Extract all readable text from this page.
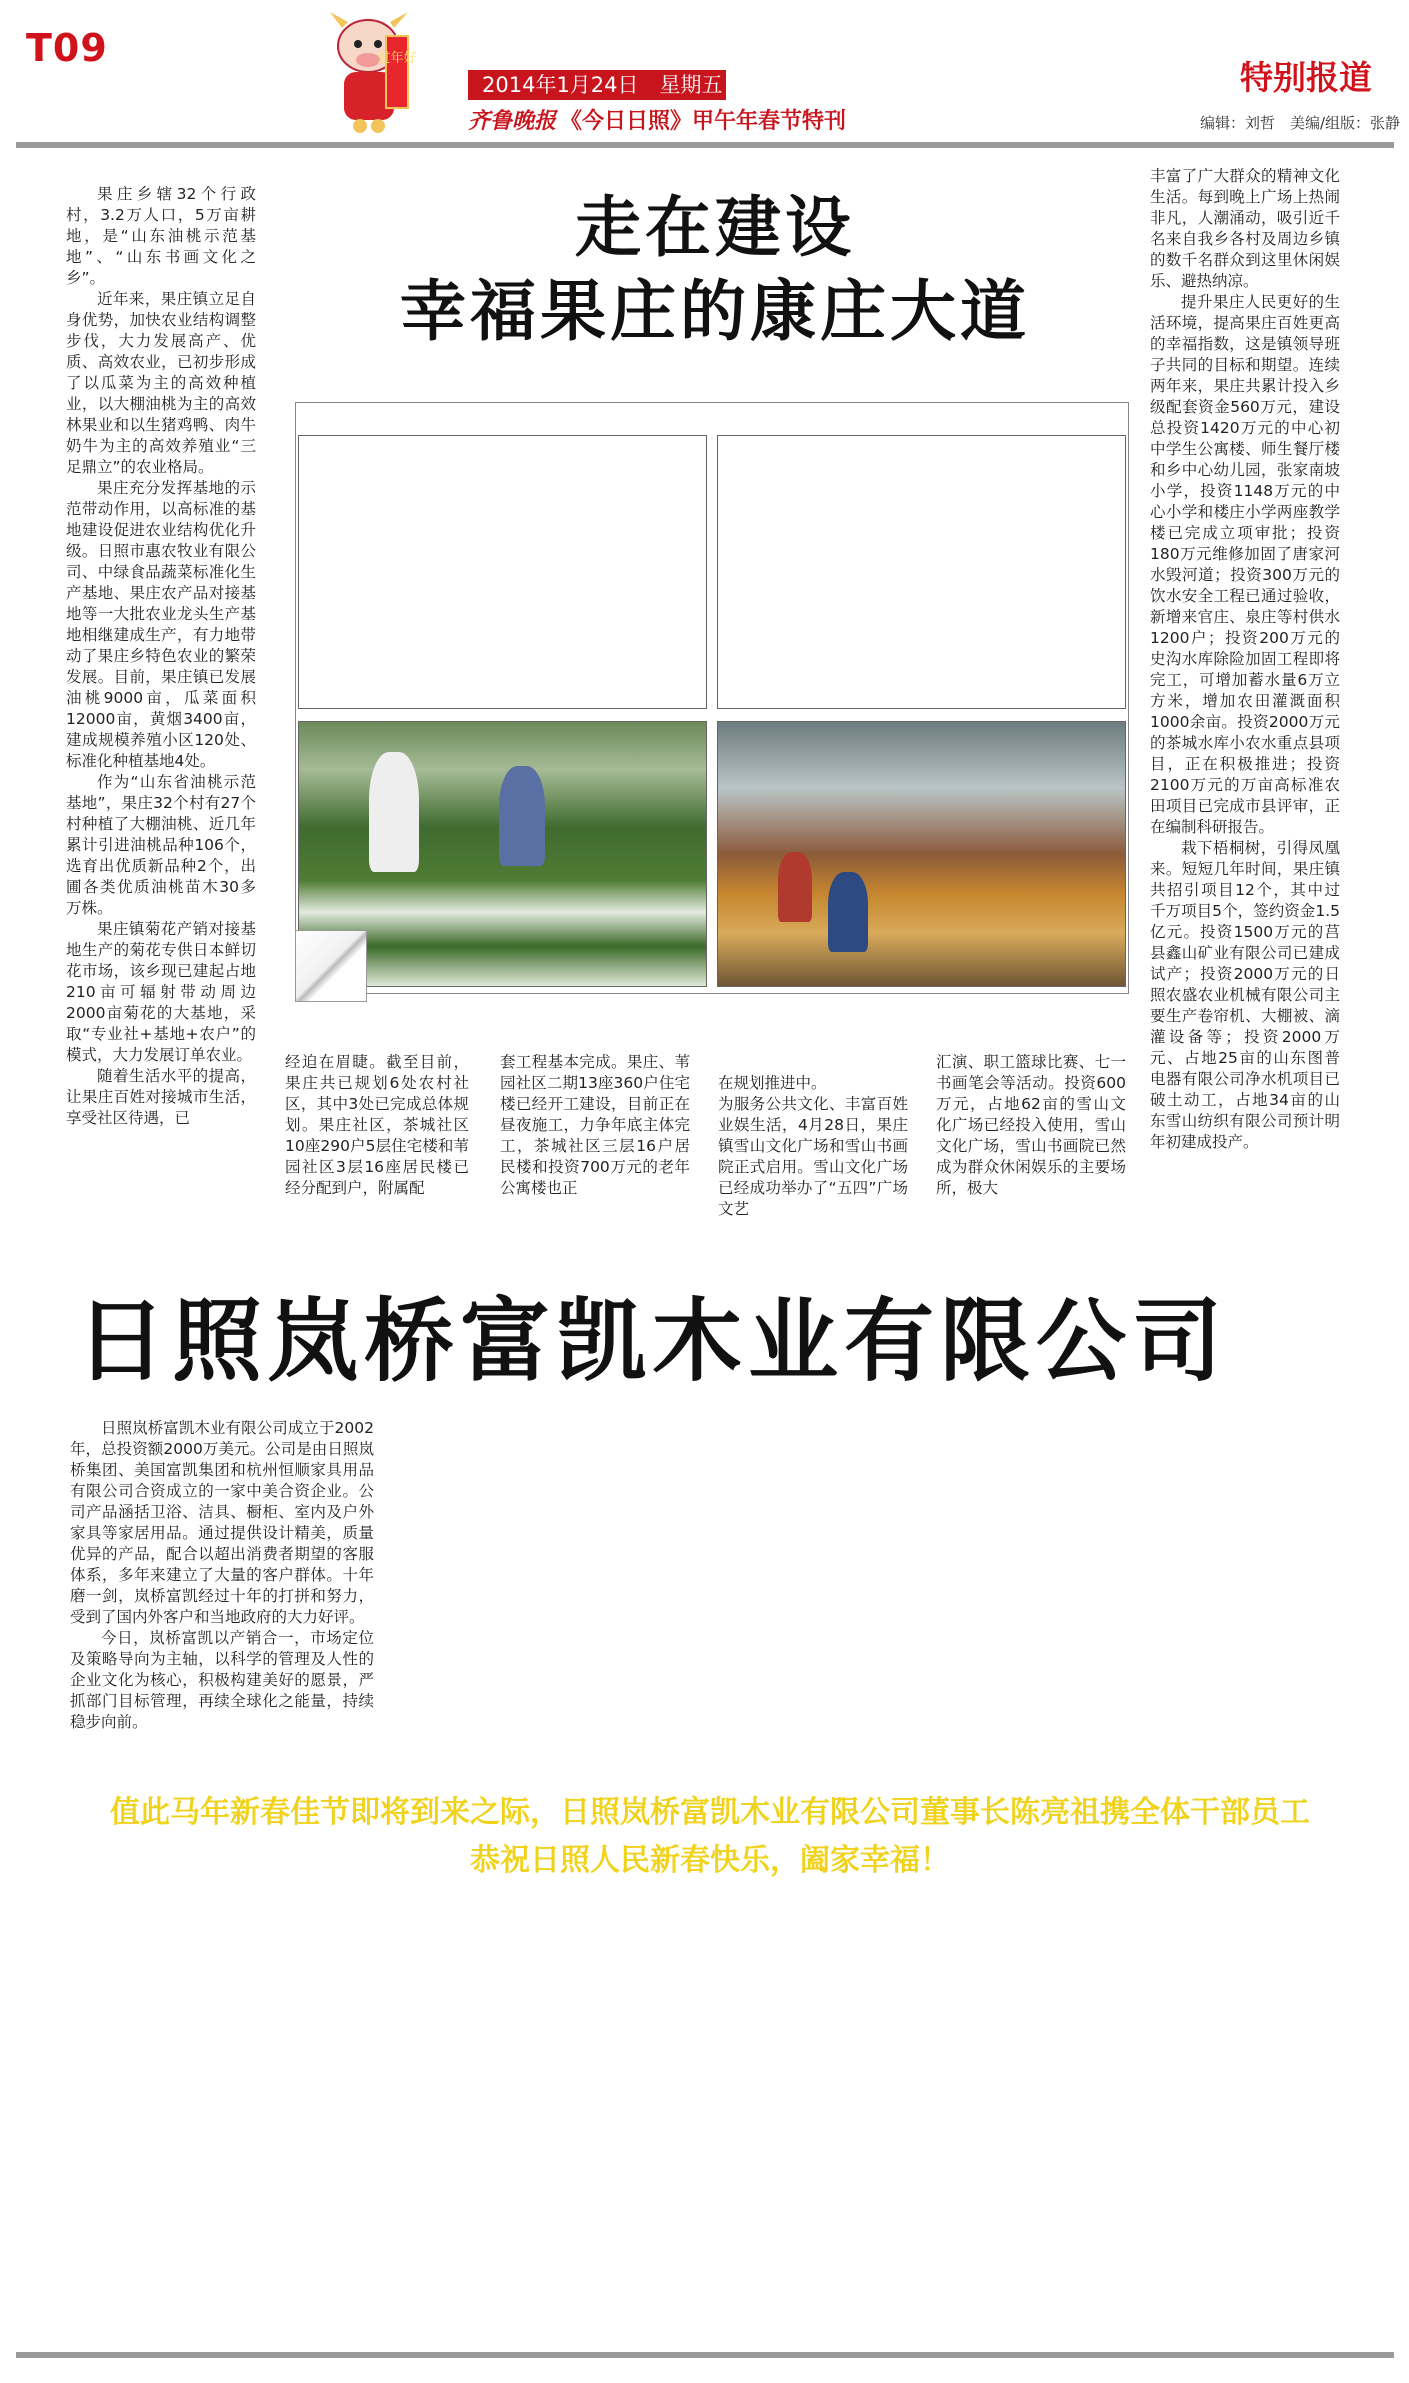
T09	过年好
2014年1月24日　星期五
齐鲁晚报 《今日日照》甲午年春节特刊
特别报道
编辑：刘哲　美编/组版：张静
走在建设
幸福果庄的康庄大道

果庄乡辖32个行政村，3.2万人口，5万亩耕地，是“山东油桃示范基地”、“山东书画文化之乡”。

近年来，果庄镇立足自身优势，加快农业结构调整步伐，大力发展高产、优质、高效农业，已初步形成了以瓜菜为主的高效种植业，以大棚油桃为主的高效林果业和以生猪鸡鸭、肉牛奶牛为主的高效养殖业“三足鼎立”的农业格局。

果庄充分发挥基地的示范带动作用，以高标准的基地建设促进农业结构优化升级。日照市惠农牧业有限公司、中绿食品蔬菜标准化生产基地、果庄农产品对接基地等一大批农业龙头生产基地相继建成生产，有力地带动了果庄乡特色农业的繁荣发展。目前，果庄镇已发展油桃9000亩，瓜菜面积12000亩，黄烟3400亩，建成规模养殖小区120处、标准化种植基地4处。

作为“山东省油桃示范基地”，果庄32个村有27个村种植了大棚油桃、近几年累计引进油桃品种106个，选育出优质新品种2个，出圃各类优质油桃苗木30多万株。

果庄镇菊花产销对接基地生产的菊花专供日本鲜切花市场，该乡现已建起占地210亩可辐射带动周边2000亩菊花的大基地，采取“专业社+基地+农户”的模式，大力发展订单农业。

随着生活水平的提高，让果庄百姓对接城市生活，享受社区待遇，已

丰富了广大群众的精神文化生活。每到晚上广场上热闹非凡，人潮涌动，吸引近千名来自我乡各村及周边乡镇的数千名群众到这里休闲娱乐、避热纳凉。

提升果庄人民更好的生活环境，提高果庄百姓更高的幸福指数，这是镇领导班子共同的目标和期望。连续两年来，果庄共累计投入乡级配套资金560万元，建设总投资1420万元的中心初中学生公寓楼、师生餐厅楼和乡中心幼儿园，张家南坡小学，投资1148万元的中心小学和楼庄小学两座教学楼已完成立项审批；投资180万元维修加固了唐家河水毁河道；投资300万元的饮水安全工程已通过验收，新增来官庄、泉庄等村供水1200户；投资200万元的史沟水库除险加固工程即将完工，可增加蓄水量6万立方米，增加农田灌溉面积1000余亩。投资2000万元的茶城水库小农水重点县项目，正在积极推进；投资2100万元的万亩高标准农田项目已完成市县评审，正在编制科研报告。

栽下梧桐树，引得凤凰来。短短几年时间，果庄镇共招引项目12个，其中过千万项目5个，签约资金1.5亿元。投资1500万元的莒县鑫山矿业有限公司已建成试产；投资2000万元的日照农盛农业机械有限公司主要生产卷帘机、大棚被、滴灌设备等；投资2000万元、占地25亩的山东图普电器有限公司净水机项目已破土动工，占地34亩的山东雪山纺织有限公司预计明年初建成投产。

经迫在眉睫。截至目前，果庄共已规划6处农村社区，其中3处已完成总体规划。果庄社区，茶城社区10座290户5层住宅楼和苇园社区3层16座居民楼已经分配到户，附属配

套工程基本完成。果庄、苇园社区二期13座360户住宅楼已经开工建设，目前正在昼夜施工，力争年底主体完工，茶城社区三层16户居民楼和投资700万元的老年公寓楼也正

在规划推进中。
为服务公共文化、丰富百姓业娱生活，4月28日，果庄镇雪山文化广场和雪山书画院正式启用。雪山文化广场已经成功举办了“五四”广场文艺

汇演、职工篮球比赛、七一书画笔会等活动。投资600万元，占地62亩的雪山文化广场已经投入使用，雪山文化广场，雪山书画院已然成为群众休闲娱乐的主要场所，极大

日照岚桥富凯木业有限公司

日照岚桥富凯木业有限公司成立于2002年，总投资额2000万美元。公司是由日照岚桥集团、美国富凯集团和杭州恒顺家具用品有限公司合资成立的一家中美合资企业。公司产品涵括卫浴、洁具、橱柜、室内及户外家具等家居用品。通过提供设计精美，质量优异的产品，配合以超出消费者期望的客服体系，多年来建立了大量的客户群体。十年磨一剑，岚桥富凯经过十年的打拼和努力，受到了国内外客户和当地政府的大力好评。

今日，岚桥富凯以产销合一，市场定位及策略导向为主轴，以科学的管理及人性的企业文化为核心，积极构建美好的愿景，严抓部门目标管理，再续全球化之能量，持续稳步向前。

值此马年新春佳节即将到来之际，日照岚桥富凯木业有限公司董事长陈亮祖携全体干部员工
恭祝日照人民新春快乐，阖家幸福！
